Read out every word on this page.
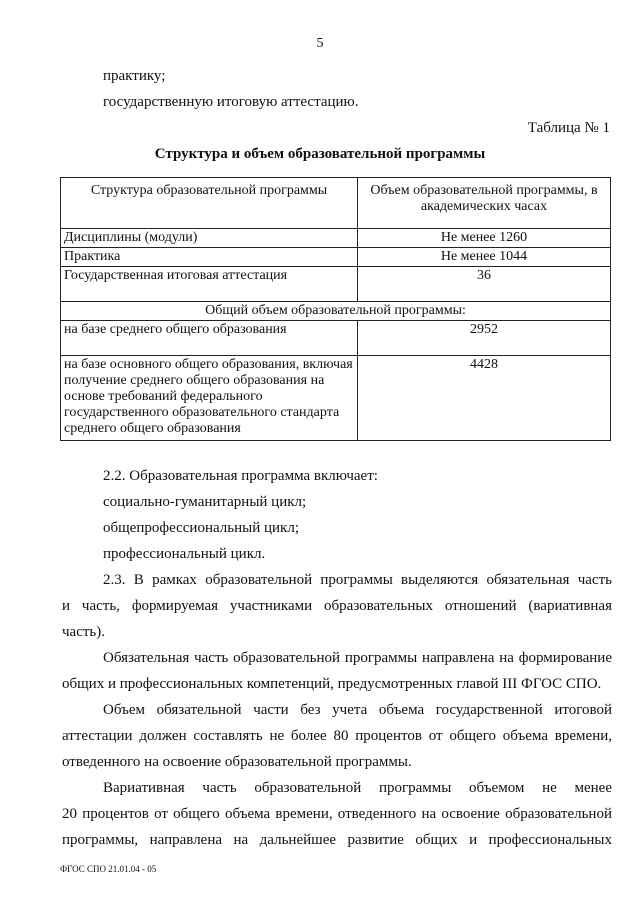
5
практику;
государственную итоговую аттестацию.
Таблица № 1
Структура и объем образовательной программы
Структура образовательной программы	Объем образовательной программы, в академических часах
Дисциплины (модули)	Не менее 1260
Практика	Не менее 1044
Государственная итоговая аттестация	36
Общий объем образовательной программы:	
на базе среднего общего образования	2952
на базе основного общего образования, включая получение среднего общего образования на основе требований федерального государственного образовательного стандарта среднего общего образования	4428
2.2. Образовательная программа включает:
социально-гуманитарный цикл;
общепрофессиональный цикл;
профессиональный цикл.
2.3. В рамках образовательной программы выделяются обязательная часть
и часть, формируемая участниками образовательных отношений (вариативная
часть).
Обязательная часть образовательной программы направлена на формирование
общих и профессиональных компетенций, предусмотренных главой III ФГОС СПО.
Объем обязательной части без учета объема государственной итоговой
аттестации должен составлять не более 80 процентов от общего объема времени,
отведенного на освоение образовательной программы.
Вариативная часть образовательной программы объемом не менее
20 процентов от общего объема времени, отведенного на освоение образовательной
программы, направлена на дальнейшее развитие общих и профессиональных
ФГОС СПО 21.01.04 - 05
